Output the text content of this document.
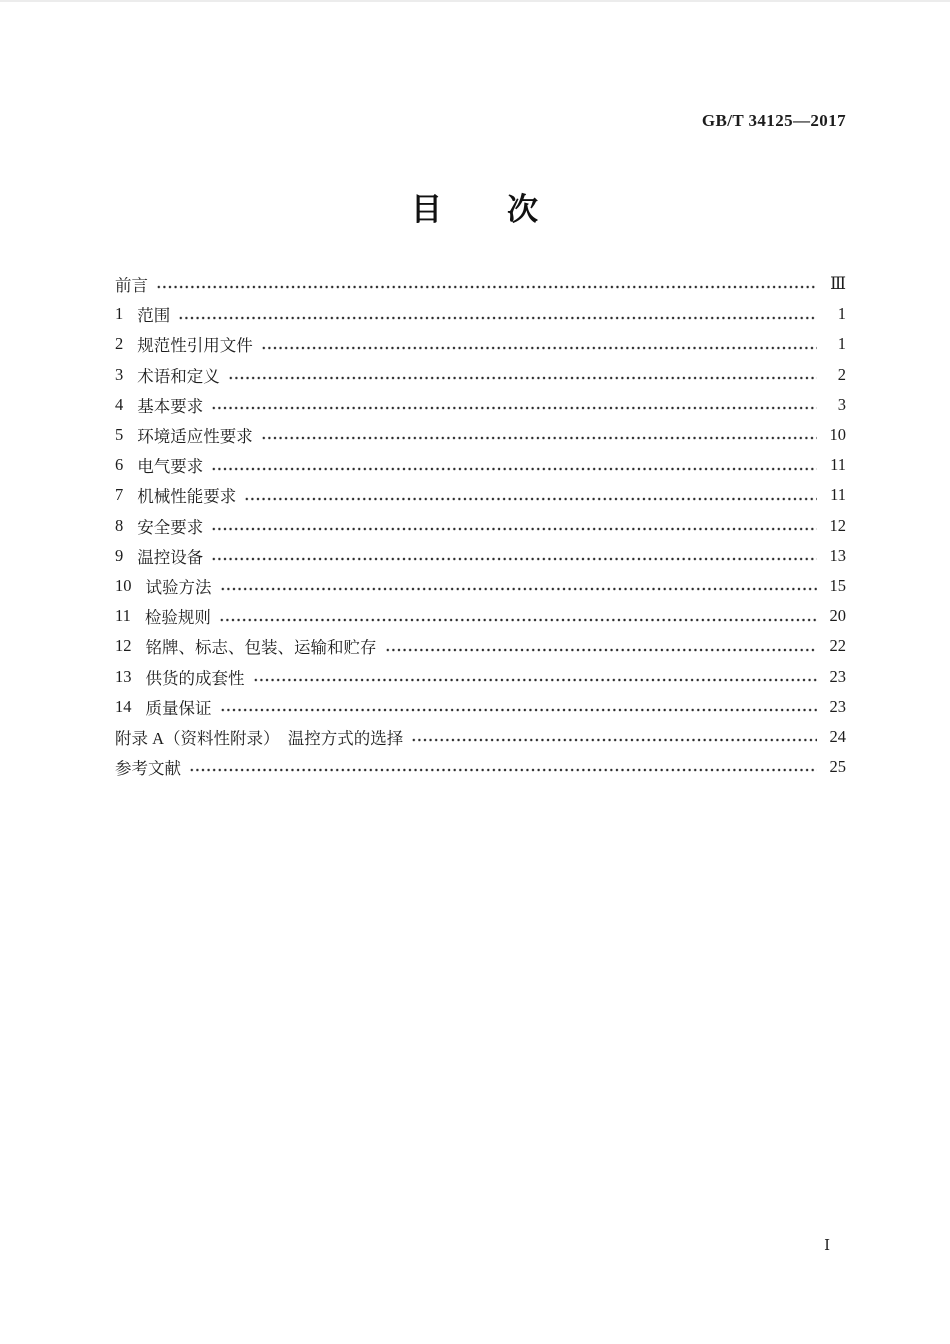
GB/T 34125—2017
目　　次
前言	Ⅲ
1 范围	1
2 规范性引用文件	1
3 术语和定义	2
4 基本要求	3
5 环境适应性要求	10
6 电气要求	11
7 机械性能要求	11
8 安全要求	12
9 温控设备	13
10 试验方法	15
11 检验规则	20
12 铭牌、标志、包装、运输和贮存	22
13 供货的成套性	23
14 质量保证	23
附录 A（资料性附录）　温控方式的选择	24
参考文献	25
Ⅰ
